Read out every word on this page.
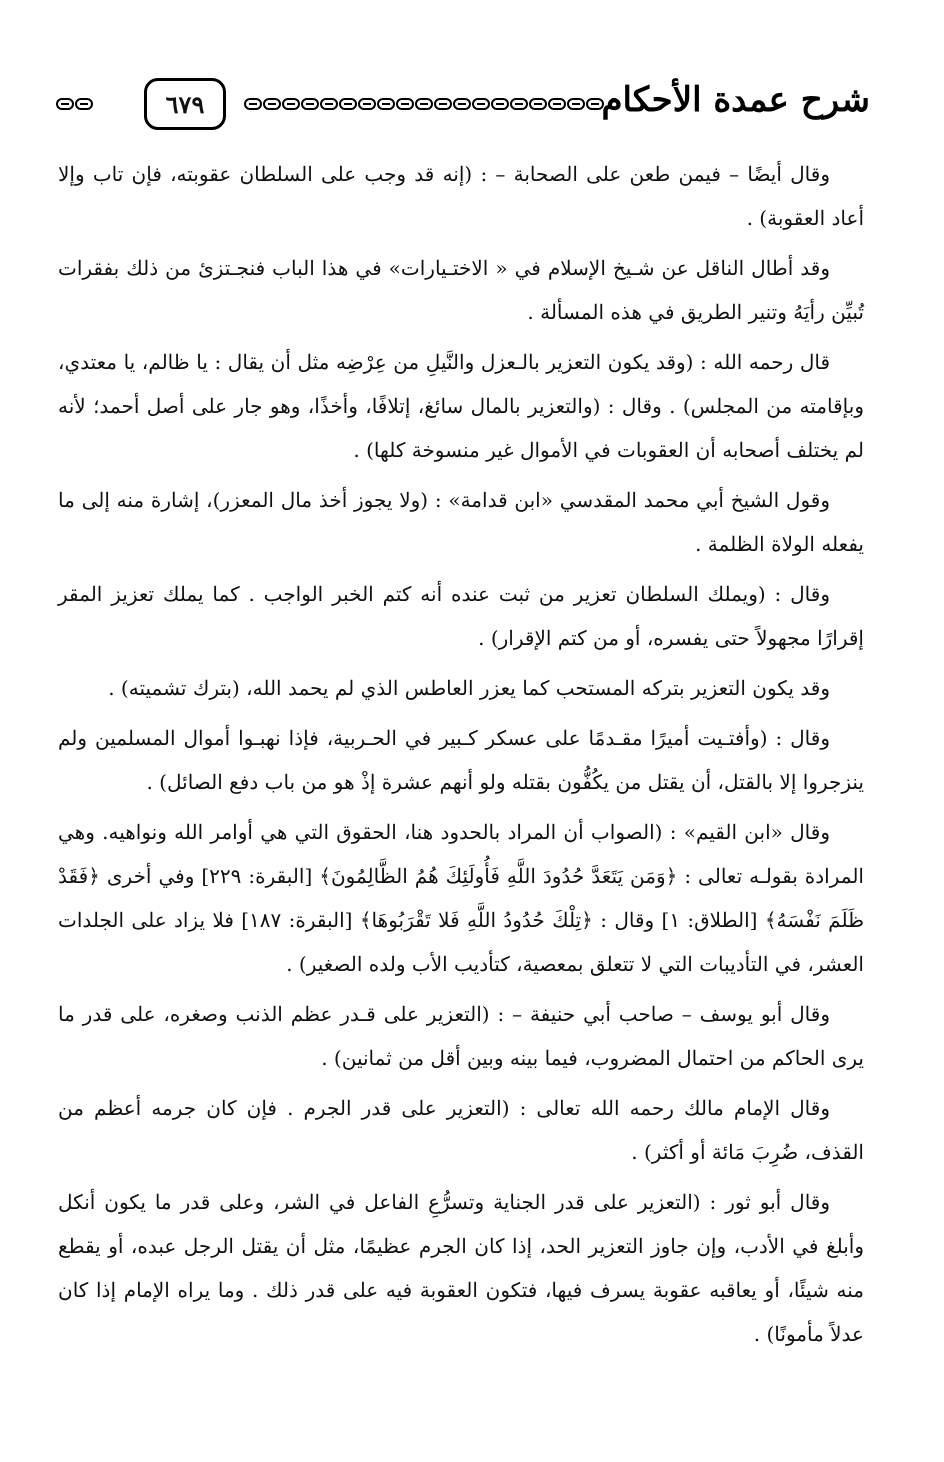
٦٧٩	شرح عمدة الأحكام

وقال أيضًا – فيمن طعن على الصحابة – : (إنه قد وجب على السلطان عقوبته، فإن تاب وإلا أعاد العقوبة) .

وقد أطال الناقل عن شـيخ الإسلام في « الاختـيارات» في هذا الباب فنجـتزئ من ذلك بفقرات تُبيِّن رأيَهُ وتنير الطريق في هذه المسألة .

قال رحمه الله : (وقد يكون التعزير بالـعزل والنَّيلِ من عِرْضِه مثل أن يقال : يا ظالم، يا معتدي، وبإقامته من المجلس) . وقال : (والتعزير بالمال سائغ، إتلافًا، وأخذًا، وهو جار على أصل أحمد؛ لأنه لم يختلف أصحابه أن العقوبات في الأموال غير منسوخة كلها) .

وقول الشيخ أبي محمد المقدسي «ابن قدامة» : (ولا يجوز أخذ مال المعزر)، إشارة منه إلى ما يفعله الولاة الظلمة .

وقال : (ويملك السلطان تعزير من ثبت عنده أنه كتم الخبر الواجب . كما يملك تعزيز المقر إقرارًا مجهولاً حتى يفسره، أو من كتم الإقرار) .

وقد يكون التعزير بتركه المستحب كما يعزر العاطس الذي لم يحمد الله، (بترك تشميته) .

وقال : (وأفتـيت أميرًا مقـدمًا على عسكر كـبير في الحـربية، فإذا نهبـوا أموال المسلمين ولم ينزجروا إلا بالقتل، أن يقتل من يكُفُّون بقتله ولو أنهم عشرة إذْ هو من باب دفع الصائل) .

وقال «ابن القيم» : (الصواب أن المراد بالحدود هنا، الحقوق التي هي أوامر الله ونواهيه. وهي المرادة بقولـه تعالى : ﴿وَمَن يَتَعَدَّ حُدُودَ اللَّهِ فَأُولَئِكَ هُمُ الظَّالِمُونَ﴾ [البقرة: ٢٢٩] وفي أخرى ﴿فَقَدْ ظَلَمَ نَفْسَهُ﴾ [الطلاق: ١] وقال : ﴿تِلْكَ حُدُودُ اللَّهِ فَلا تَقْرَبُوهَا﴾ [البقرة: ١٨٧] فلا يزاد على الجلدات العشر، في التأديبات التي لا تتعلق بمعصية، كتأديب الأب ولده الصغير) .

وقال أبو يوسف – صاحب أبي حنيفة – : (التعزير على قـدر عظم الذنب وصغره، على قدر ما يرى الحاكم من احتمال المضروب، فيما بينه وبين أقل من ثمانين) .

وقال الإمام مالك رحمه الله تعالى : (التعزير على قدر الجرم . فإن كان جرمه أعظم من القذف، ضُرِبَ مَائة أو أكثر) .

وقال أبو ثور : (التعزير على قدر الجناية وتسرُّعِ الفاعل في الشر، وعلى قدر ما يكون أنكل وأبلغ في الأدب، وإن جاوز التعزير الحد، إذا كان الجرم عظيمًا، مثل أن يقتل الرجل عبده، أو يقطع منه شيئًا، أو يعاقبه عقوبة يسرف فيها، فتكون العقوبة فيه على قدر ذلك . وما يراه الإمام إذا كان عدلاً مأمونًا) .
